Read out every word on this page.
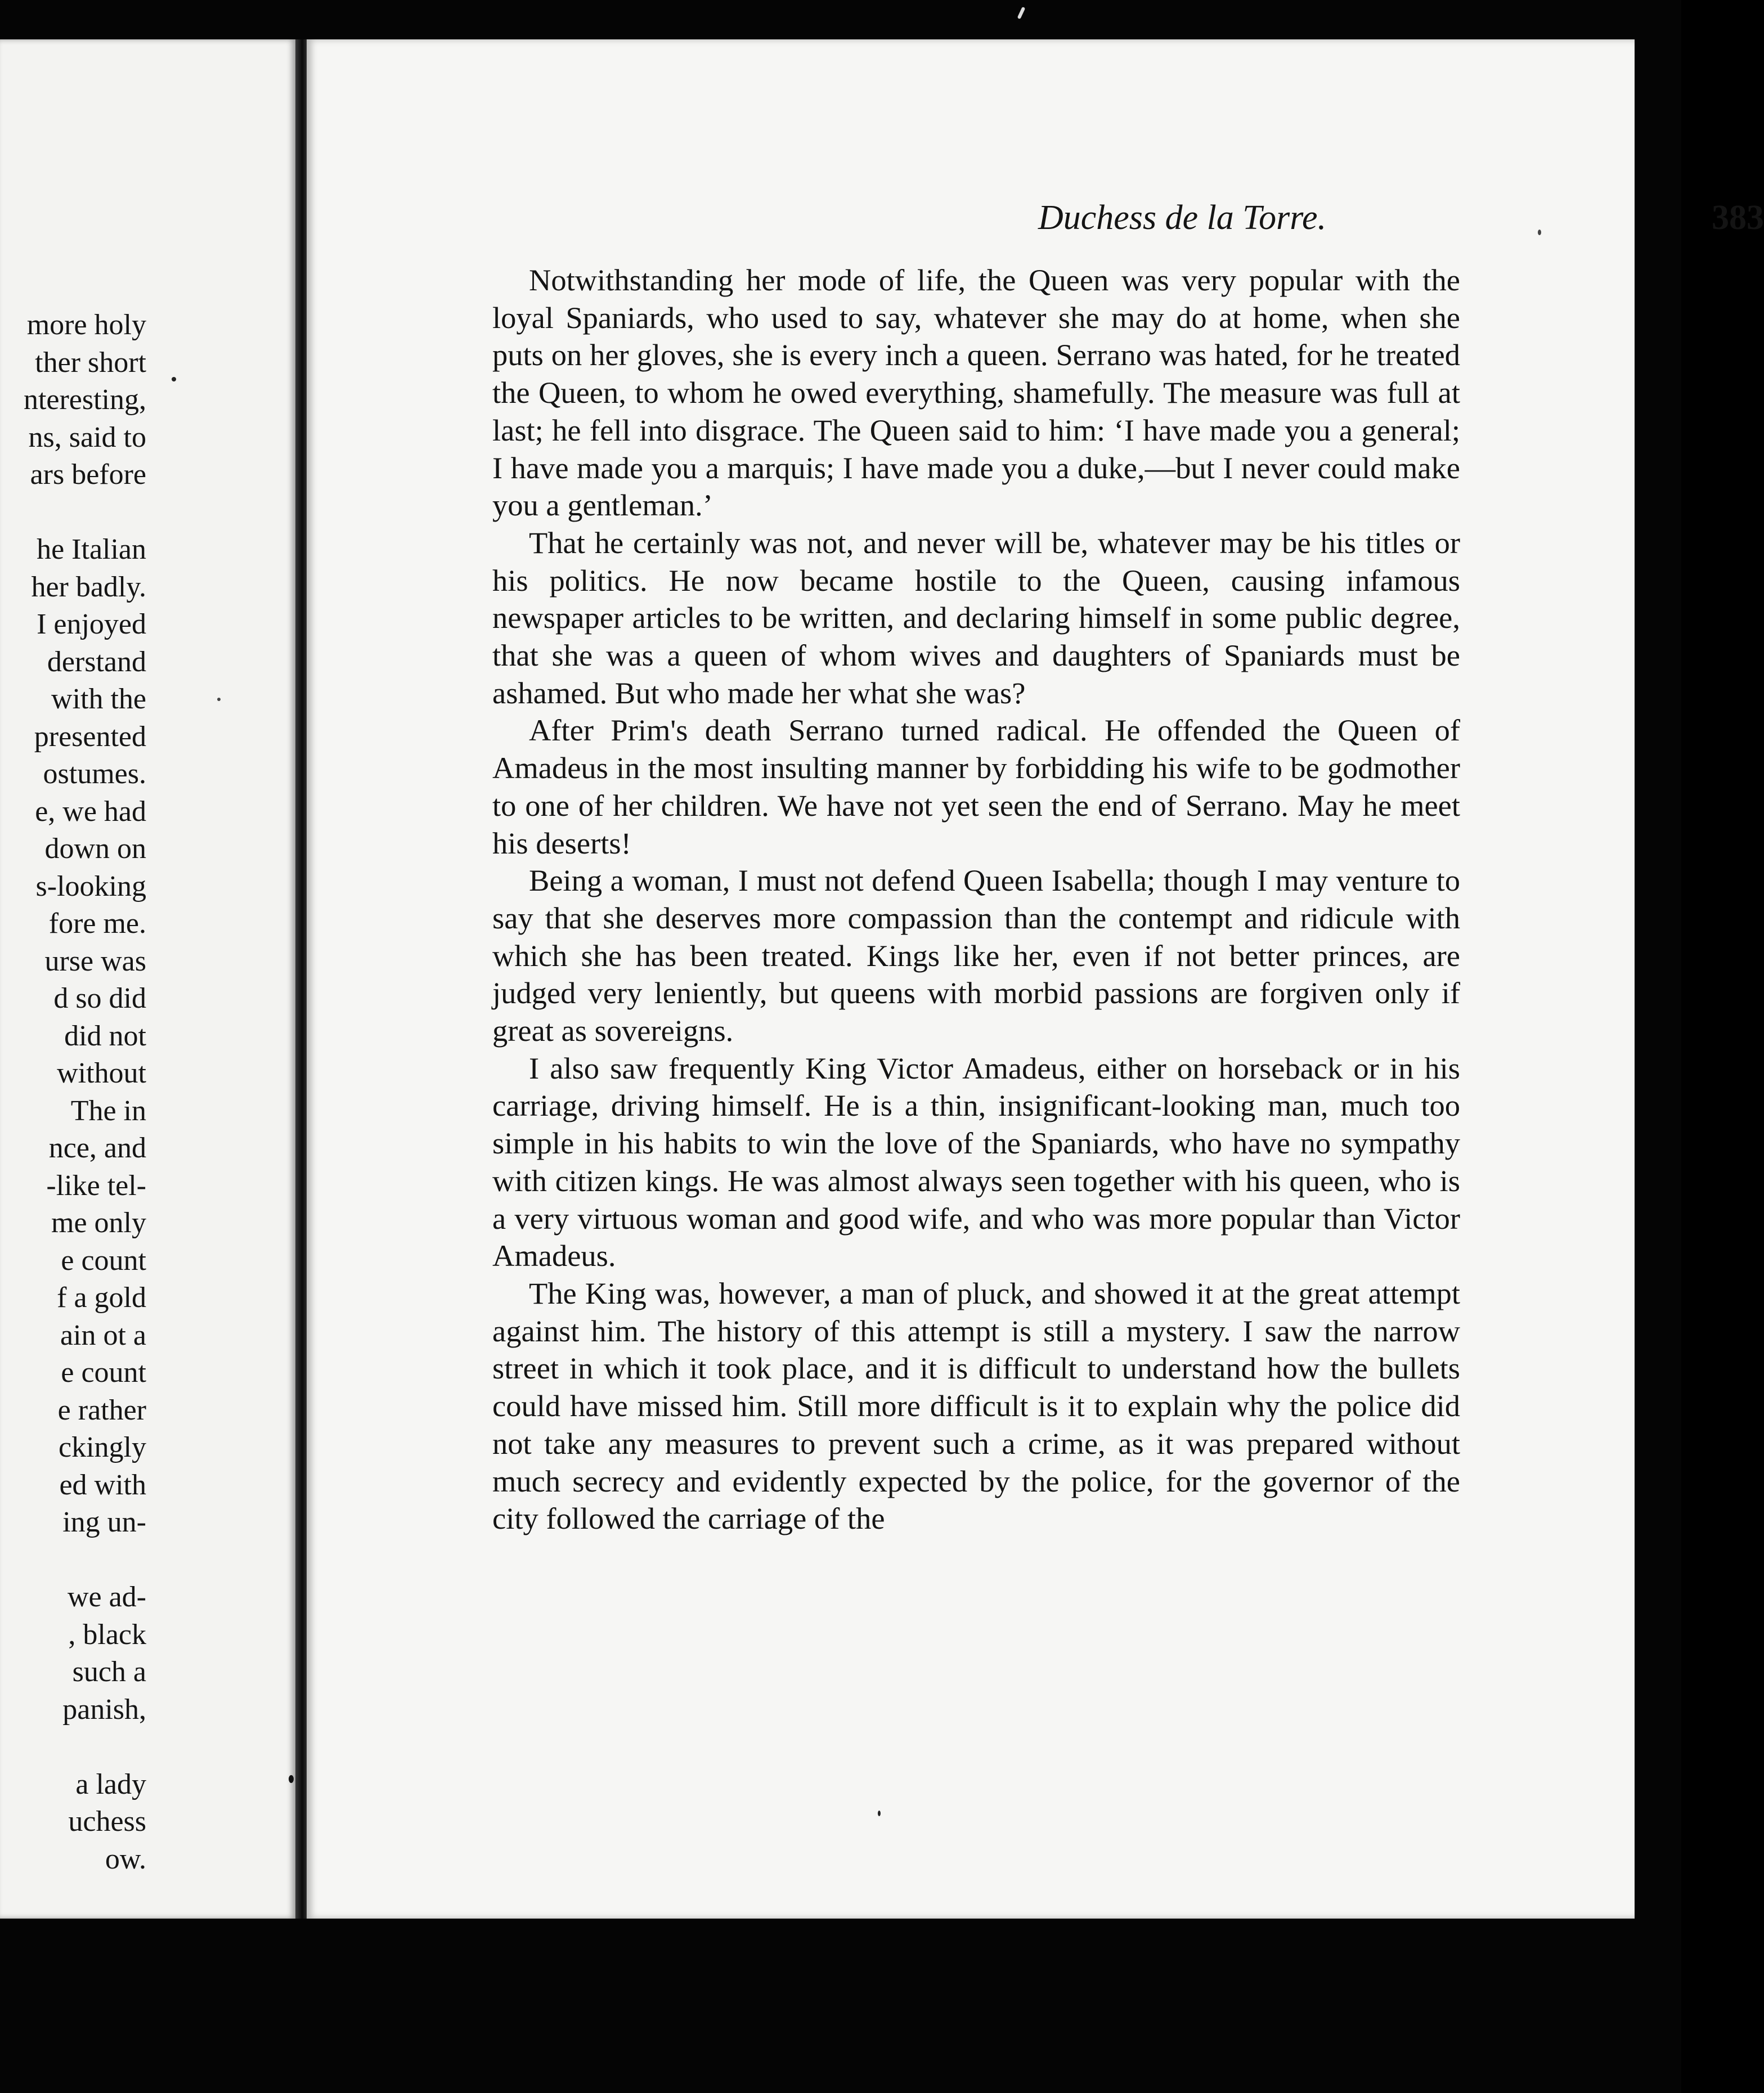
more holy
ther short
nteresting,
ns, said to
ars before
he Italian
her badly.
I enjoyed
derstand
with the
presented
ostumes.
e, we had
down on
s-looking
fore me.
urse was
d so did
did not
without
The in
nce, and
-like tel-
me only
e count
f a gold
ain ot a
e count
e rather
ckingly
ed with
ing un-
we ad-
, black
such a
panish,
a lady
uchess
ow.
Duchess de la Torre.	383

Notwithstanding her mode of life, the Queen was very popular with the loyal Spaniards, who used to say, whatever she may do at home, when she puts on her gloves, she is every inch a queen. Serrano was hated, for he treated the Queen, to whom he owed everything, shamefully. The measure was full at last; he fell into disgrace. The Queen said to him: ‘I have made you a general; I have made you a marquis; I have made you a duke,—but I never could make you a gentleman.’

That he certainly was not, and never will be, whatever may be his titles or his politics. He now became hostile to the Queen, causing infamous newspaper articles to be written, and declaring himself in some public degree, that she was a queen of whom wives and daughters of Spaniards must be ashamed. But who made her what she was?

After Prim's death Serrano turned radical. He offended the Queen of Amadeus in the most insulting manner by forbidding his wife to be godmother to one of her children. We have not yet seen the end of Serrano. May he meet his deserts!

Being a woman, I must not defend Queen Isabella; though I may venture to say that she deserves more compassion than the contempt and ridicule with which she has been treated. Kings like her, even if not better princes, are judged very leniently, but queens with morbid passions are forgiven only if great as sovereigns.

I also saw frequently King Victor Amadeus, either on horseback or in his carriage, driving himself. He is a thin, insignificant-looking man, much too simple in his habits to win the love of the Spaniards, who have no sympathy with citizen kings. He was almost always seen together with his queen, who is a very virtuous woman and good wife, and who was more popular than Victor Amadeus.

The King was, however, a man of pluck, and showed it at the great attempt against him. The history of this attempt is still a mystery. I saw the narrow street in which it took place, and it is difficult to understand how the bullets could have missed him. Still more difficult is it to explain why the police did not take any measures to prevent such a crime, as it was prepared without much secrecy and evidently expected by the police, for the governor of the city followed the carriage of the
